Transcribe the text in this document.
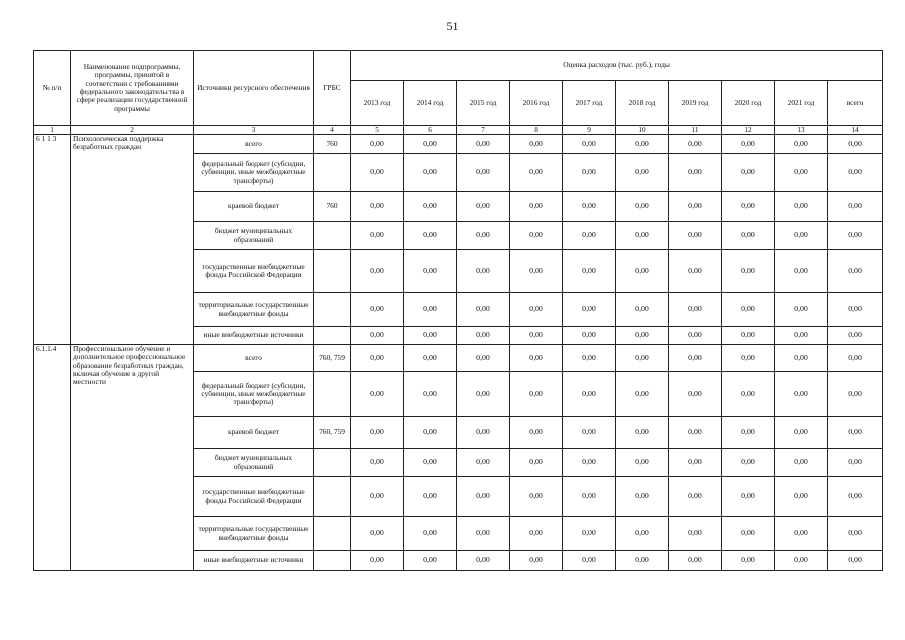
51
№ п/п	Наименование подпрограммы, программы, принятой в соответствии с требованиями федерального законодательства в сфере реализации государственной программы	Источники ресурсного обеспечения	ГРБС	Оценка расходов (тыс. руб.), годы									
				2013 год	2014 год	2015 год	2016 год	2017 год	2018 год	2019 год	2020 год	2021 год	всего
1	2	3	4	5	6	7	8	9	10	11	12	13	14
6 1 1 3	Психологическая поддержка безработных граждан	всего	760	0,00	0,00	0,00	0,00	0,00	0,00	0,00	0,00	0,00	0,00
		федеральный бюджет (субсидии, субвенции, иные межбюджетные трансферты)		0,00	0,00	0,00	0,00	0,00	0,00	0,00	0,00	0,00	0,00
		краевой бюджет	760	0,00	0,00	0,00	0,00	0,00	0,00	0,00	0,00	0,00	0,00
		бюджет муниципальных образований		0,00	0,00	0,00	0,00	0,00	0,00	0,00	0,00	0,00	0,00
		государственные внебюджетные фонды Российской Федерации		0,00	0,00	0,00	0,00	0,00	0,00	0,00	0,00	0,00	0,00
		территориальные государственные внебюджетные фонды		0,00	0,00	0,00	0,00	0,00	0,00	0,00	0,00	0,00	0,00
		иные внебюджетные источники		0,00	0,00	0,00	0,00	0,00	0,00	0,00	0,00	0,00	0,00
6.1.1.4	Профессиональное обучение и дополнительное профессиональное образование безработных граждан, включая обучение в другой местности	всего	760, 759	0,00	0,00	0,00	0,00	0,00	0,00	0,00	0,00	0,00	0,00
		федеральный бюджет (субсидии, субвенции, иные межбюджетные трансферты)		0,00	0,00	0,00	0,00	0,00	0,00	0,00	0,00	0,00	0,00
		краевой бюджет	760, 759	0,00	0,00	0,00	0,00	0,00	0,00	0,00	0,00	0,00	0,00
		бюджет муниципальных образований		0,00	0,00	0,00	0,00	0,00	0,00	0,00	0,00	0,00	0,00
		государственные внебюджетные фонды Российской Федерации		0,00	0,00	0,00	0,00	0,00	0,00	0,00	0,00	0,00	0,00
		территориальные государственные внебюджетные фонды		0,00	0,00	0,00	0,00	0,00	0,00	0,00	0,00	0,00	0,00
		иные внебюджетные источники		0,00	0,00	0,00	0,00	0,00	0,00	0,00	0,00	0,00	0,00
